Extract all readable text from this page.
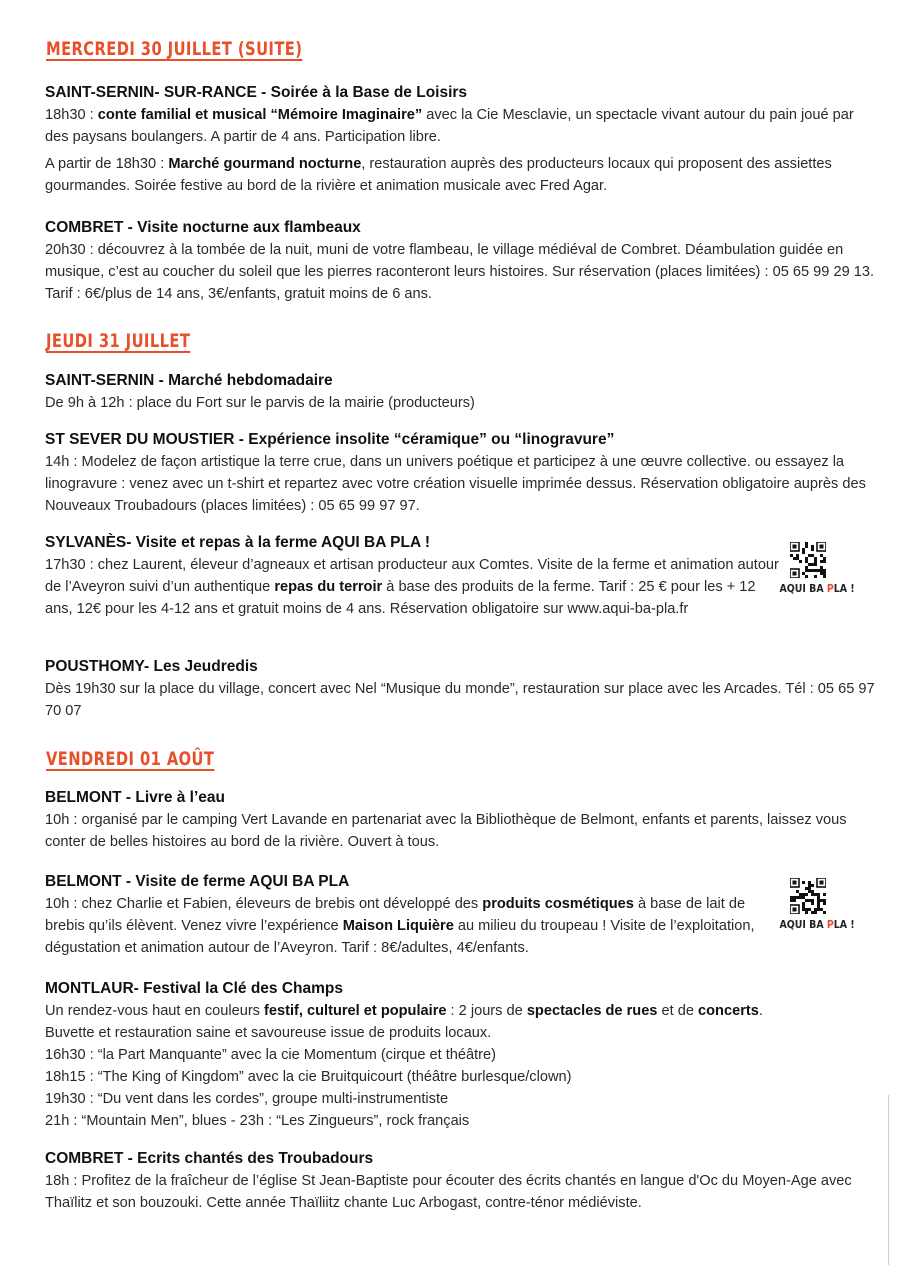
MERCREDI 30 JUILLET (SUITE)
SAINT-SERNIN- SUR-RANCE - Soirée à la Base de Loisirs

18h30 : conte familial et musical “Mémoire Imaginaire” avec la Cie Mesclavie, un spectacle vivant autour du pain joué par des paysans boulangers. A partir de 4 ans. Participation libre.

A partir de 18h30 : Marché gourmand nocturne, restauration auprès des producteurs locaux qui proposent des assiettes gourmandes. Soirée festive au bord de la rivière et animation musicale avec Fred Agar.

COMBRET - Visite nocturne aux flambeaux

20h30 : découvrez à la tombée de la nuit, muni de votre flambeau, le village médiéval de Combret. Déambulation guidée en musique, c’est au coucher du soleil que les pierres raconteront leurs histoires. Sur réservation (places limitées) : 05 65 99 29 13. Tarif : 6€/plus de 14 ans, 3€/enfants, gratuit moins de 6 ans.

JEUDI 31 JUILLET
SAINT-SERNIN - Marché hebdomadaire

De 9h à 12h : place du Fort sur le parvis de la mairie (producteurs)

ST SEVER DU MOUSTIER - Expérience insolite “céramique” ou “linogravure”

14h : Modelez de façon artistique la terre crue, dans un univers poétique et participez à une œuvre collective. ou essayez la linogravure : venez avec un t-shirt et repartez avec votre création visuelle imprimée dessus. Réservation obligatoire auprès des Nouveaux Troubadours (places limitées) : 05 65 99 97 97.

SYLVANÈS- Visite et repas à la ferme AQUI BA PLA !

17h30 : chez Laurent, éleveur d’agneaux et artisan producteur aux Comtes. Visite de la ferme et animation autour de l’Aveyron suivi d’un authentique repas du terroir à base des produits de la ferme. Tarif : 25 € pour les + 12 ans, 12€ pour les 4-12 ans et gratuit moins de 4 ans. Réservation obligatoire sur www.aqui-ba-pla.fr

AQUI BA PLA !
POUSTHOMY- Les Jeudredis

Dès 19h30 sur la place du village, concert avec Nel “Musique du monde”, restauration sur place avec les Arcades. Tél : 05 65 97 70 07

VENDREDI 01 AOÛT
BELMONT - Livre à l’eau

10h : organisé par le camping Vert Lavande en partenariat avec la Bibliothèque de Belmont, enfants et parents, laissez vous conter de belles histoires au bord de la rivière. Ouvert à tous.

BELMONT - Visite de ferme AQUI BA PLA

10h : chez Charlie et Fabien, éleveurs de brebis ont développé des produits cosmétiques à base de lait de brebis qu’ils élèvent. Venez vivre l’expérience Maison Liquière au milieu du troupeau ! Visite de l’exploitation, dégustation et animation autour de l’Aveyron. Tarif : 8€/adultes, 4€/enfants.

AQUI BA PLA !
MONTLAUR- Festival la Clé des Champs

Un rendez-vous haut en couleurs festif, culturel et populaire : 2 jours de spectacles de rues et de concerts.

Buvette et restauration saine et savoureuse issue de produits locaux.

16h30 : “la Part Manquante” avec la cie Momentum (cirque et théâtre)

18h15 : “The King of Kingdom” avec la cie Bruitquicourt (théâtre burlesque/clown)

19h30 : “Du vent dans les cordes”, groupe multi-instrumentiste

21h : “Mountain Men”, blues - 23h : “Les Zingueurs”, rock français

COMBRET - Ecrits chantés des Troubadours

18h : Profitez de la fraîcheur de l’église St Jean-Baptiste pour écouter des écrits chantés en langue d'Oc du Moyen-Age avec Thaïlitz et son bouzouki. Cette année Thaïliitz chante Luc Arbogast, contre-ténor médiéviste.
